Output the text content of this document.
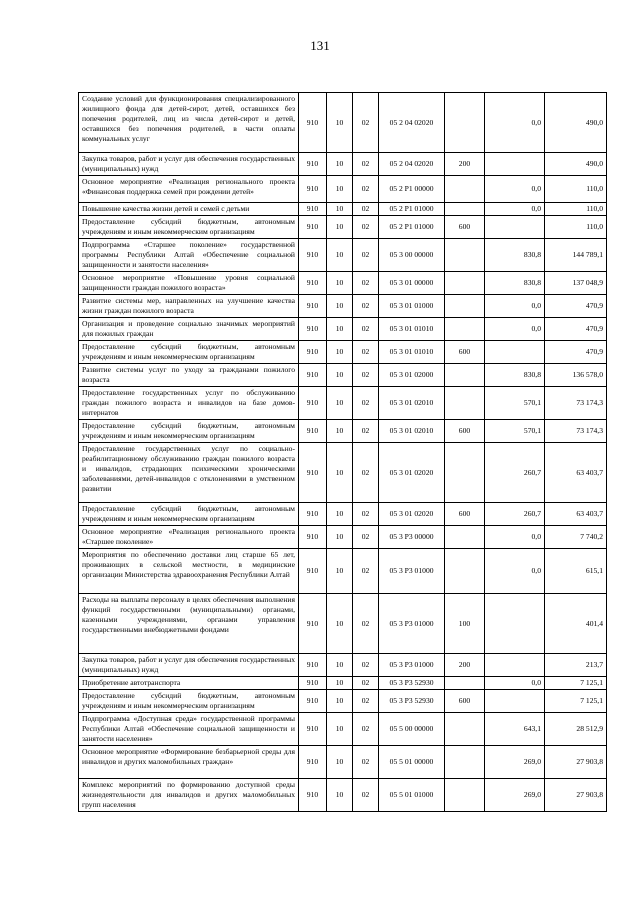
131
Создание условий для функционирования специализированного жилищного фонда для детей-сирот, детей, оставшихся без попечения родителей, лиц из числа детей-сирот и детей, оставшихся без попечения родителей, в части оплаты коммунальных услуг	910	10	02	05 2 04 02020			0,0	490,0
Закупка товаров, работ и услуг для обеспечения государственных (муниципальных) нужд	910	10	02	05 2 04 02020	200			490,0
Основное мероприятие «Реализация регионального проекта «Финансовая поддержка семей при рождении детей»	910	10	02	05 2 P1 00000			0,0	110,0
Повышение качества жизни детей и семей с детьми	910	10	02	05 2 P1 01000			0,0	110,0
Предоставление субсидий бюджетным, автономным учреждениям и иным некоммерческим организациям	910	10	02	05 2 P1 01000	600			110,0
Подпрограмма «Старшее поколение» государственной программы Республики Алтай «Обеспечение социальной защищенности и занятости населения»	910	10	02	05 3 00 00000			830,8	144 789,1
Основное мероприятие «Повышение уровня социальной защищенности граждан пожилого возраста»	910	10	02	05 3 01 00000			830,8	137 048,9
Развитие системы мер, направленных на улучшение качества жизни граждан пожилого возраста	910	10	02	05 3 01 01000			0,0	470,9
Организация и проведение социально значимых мероприятий для пожилых граждан	910	10	02	05 3 01 01010			0,0	470,9
Предоставление субсидий бюджетным, автономным учреждениям и иным некоммерческим организациям	910	10	02	05 3 01 01010	600			470,9
Развитие системы услуг по уходу за гражданами пожилого возраста	910	10	02	05 3 01 02000			830,8	136 578,0
Предоставление государственных услуг по обслуживанию граждан пожилого возраста и инвалидов на базе домов-интернатов	910	10	02	05 3 01 02010			570,1	73 174,3
Предоставление субсидий бюджетным, автономным учреждениям и иным некоммерческим организациям	910	10	02	05 3 01 02010	600		570,1	73 174,3
Предоставление государственных услуг по социально-реабилитационному обслуживанию граждан пожилого возраста и инвалидов, страдающих психическими хроническими заболеваниями, детей-инвалидов с отклонениями в умственном развитии	910	10	02	05 3 01 02020			260,7	63 403,7
Предоставление субсидий бюджетным, автономным учреждениям и иным некоммерческим организациям	910	10	02	05 3 01 02020	600		260,7	63 403,7
Основное мероприятие «Реализация регионального проекта «Старшее поколение»	910	10	02	05 3 P3 00000			0,0	7 740,2
Мероприятия по обеспечению доставки лиц старше 65 лет, проживающих в сельской местности, в медицинские организации Министерства здравоохранения Республики Алтай	910	10	02	05 3 P3 01000			0,0	615,1
Расходы на выплаты персоналу в целях обеспечения выполнения функций государственными (муниципальными) органами, казенными учреждениями, органами управления государственными внебюджетными фондами	910	10	02	05 3 P3 01000	100			401,4
Закупка товаров, работ и услуг для обеспечения государственных (муниципальных) нужд	910	10	02	05 3 P3 01000	200			213,7
Приобретение автотранспорта	910	10	02	05 3 P3 52930			0,0	7 125,1
Предоставление субсидий бюджетным, автономным учреждениям и иным некоммерческим организациям	910	10	02	05 3 P3 52930	600			7 125,1
Подпрограмма «Доступная среда» государственной программы Республики Алтай «Обеспечение социальной защищенности и занятости населения»	910	10	02	05 5 00 00000			643,1	28 512,9
Основное мероприятие «Формирование безбарьерной среды для инвалидов и других маломобильных граждан»	910	10	02	05 5 01 00000			269,0	27 903,8
Комплекс мероприятий по формированию доступной среды жизнедеятельности для инвалидов и других маломобильных групп населения	910	10	02	05 5 01 01000			269,0	27 903,8
